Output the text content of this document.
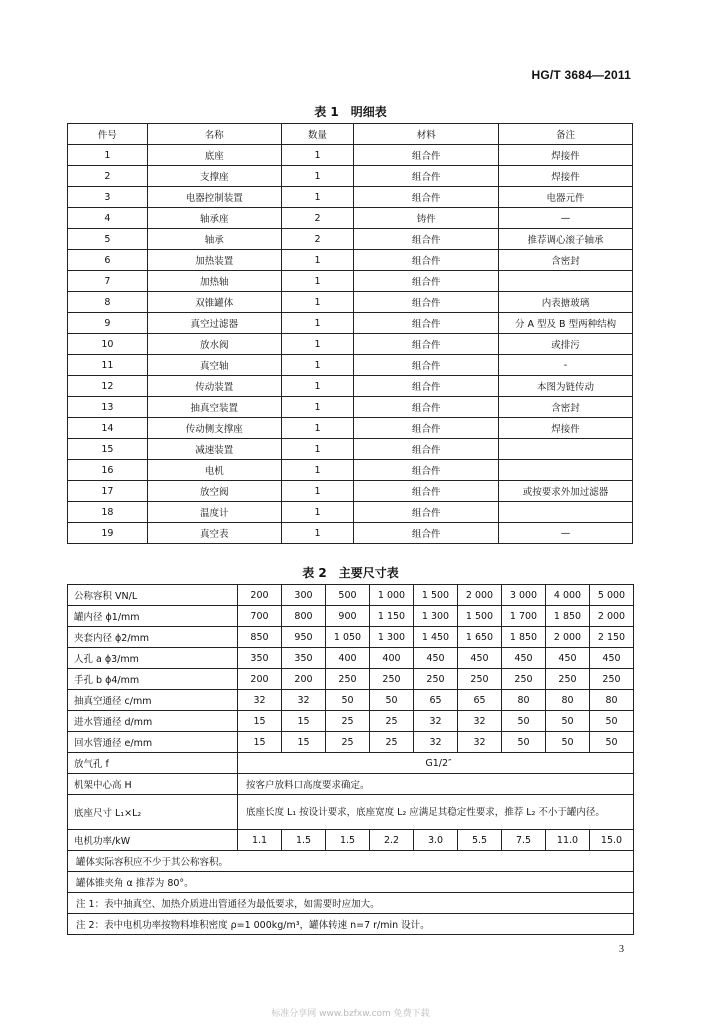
HG/T 3684—2011
表 1 明细表
件号	名称	数量	材料	备注
1	底座	1	组合件	焊接件
2	支撑座	1	组合件	焊接件
3	电器控制装置	1	组合件	电器元件
4	轴承座	2	铸件	—
5	轴承	2	组合件	推荐调心滚子轴承
6	加热装置	1	组合件	含密封
7	加热轴	1	组合件	
8	双锥罐体	1	组合件	内表搪玻璃
9	真空过滤器	1	组合件	分 A 型及 B 型两种结构
10	放水阀	1	组合件	或排污
11	真空轴	1	组合件	-
12	传动装置	1	组合件	本图为链传动
13	抽真空装置	1	组合件	含密封
14	传动侧支撑座	1	组合件	焊接件
15	减速装置	1	组合件	
16	电机	1	组合件	
17	放空阀	1	组合件	或按要求外加过滤器
18	温度计	1	组合件	
19	真空表	1	组合件	—
表 2 主要尺寸表
公称容积 VN/L	200	300	500	1 000	1 500	2 000	3 000	4 000	5 000
罐内径 ϕ1/mm	700	800	900	1 150	1 300	1 500	1 700	1 850	2 000
夹套内径 ϕ2/mm	850	950	1 050	1 300	1 450	1 650	1 850	2 000	2 150
人孔 a ϕ3/mm	350	350	400	400	450	450	450	450	450
手孔 b ϕ4/mm	200	200	250	250	250	250	250	250	250
抽真空通径 c/mm	32	32	50	50	65	65	80	80	80
进水管通径 d/mm	15	15	25	25	32	32	50	50	50
回水管通径 e/mm	15	15	25	25	32	32	50	50	50
放气孔 f	G1/2″								
机架中心高 H	按客户放料口高度要求确定。								
底座尺寸 L₁×L₂	底座长度 L₁ 按设计要求，底座宽度 L₂ 应满足其稳定性要求，推荐 L₂ 不小于罐内径。								
电机功率/kW	1.1	1.5	1.5	2.2	3.0	5.5	7.5	11.0	15.0
罐体实际容积应不少于其公称容积。									
罐体锥夹角 α 推荐为 80°。									
注 1：表中抽真空、加热介质进出管通径为最低要求，如需要时应加大。									
注 2：表中电机功率按物料堆积密度 ρ=1 000kg/m³，罐体转速 n=7 r/min 设计。									
3
标准分享网 www.bzfxw.com 免费下载
